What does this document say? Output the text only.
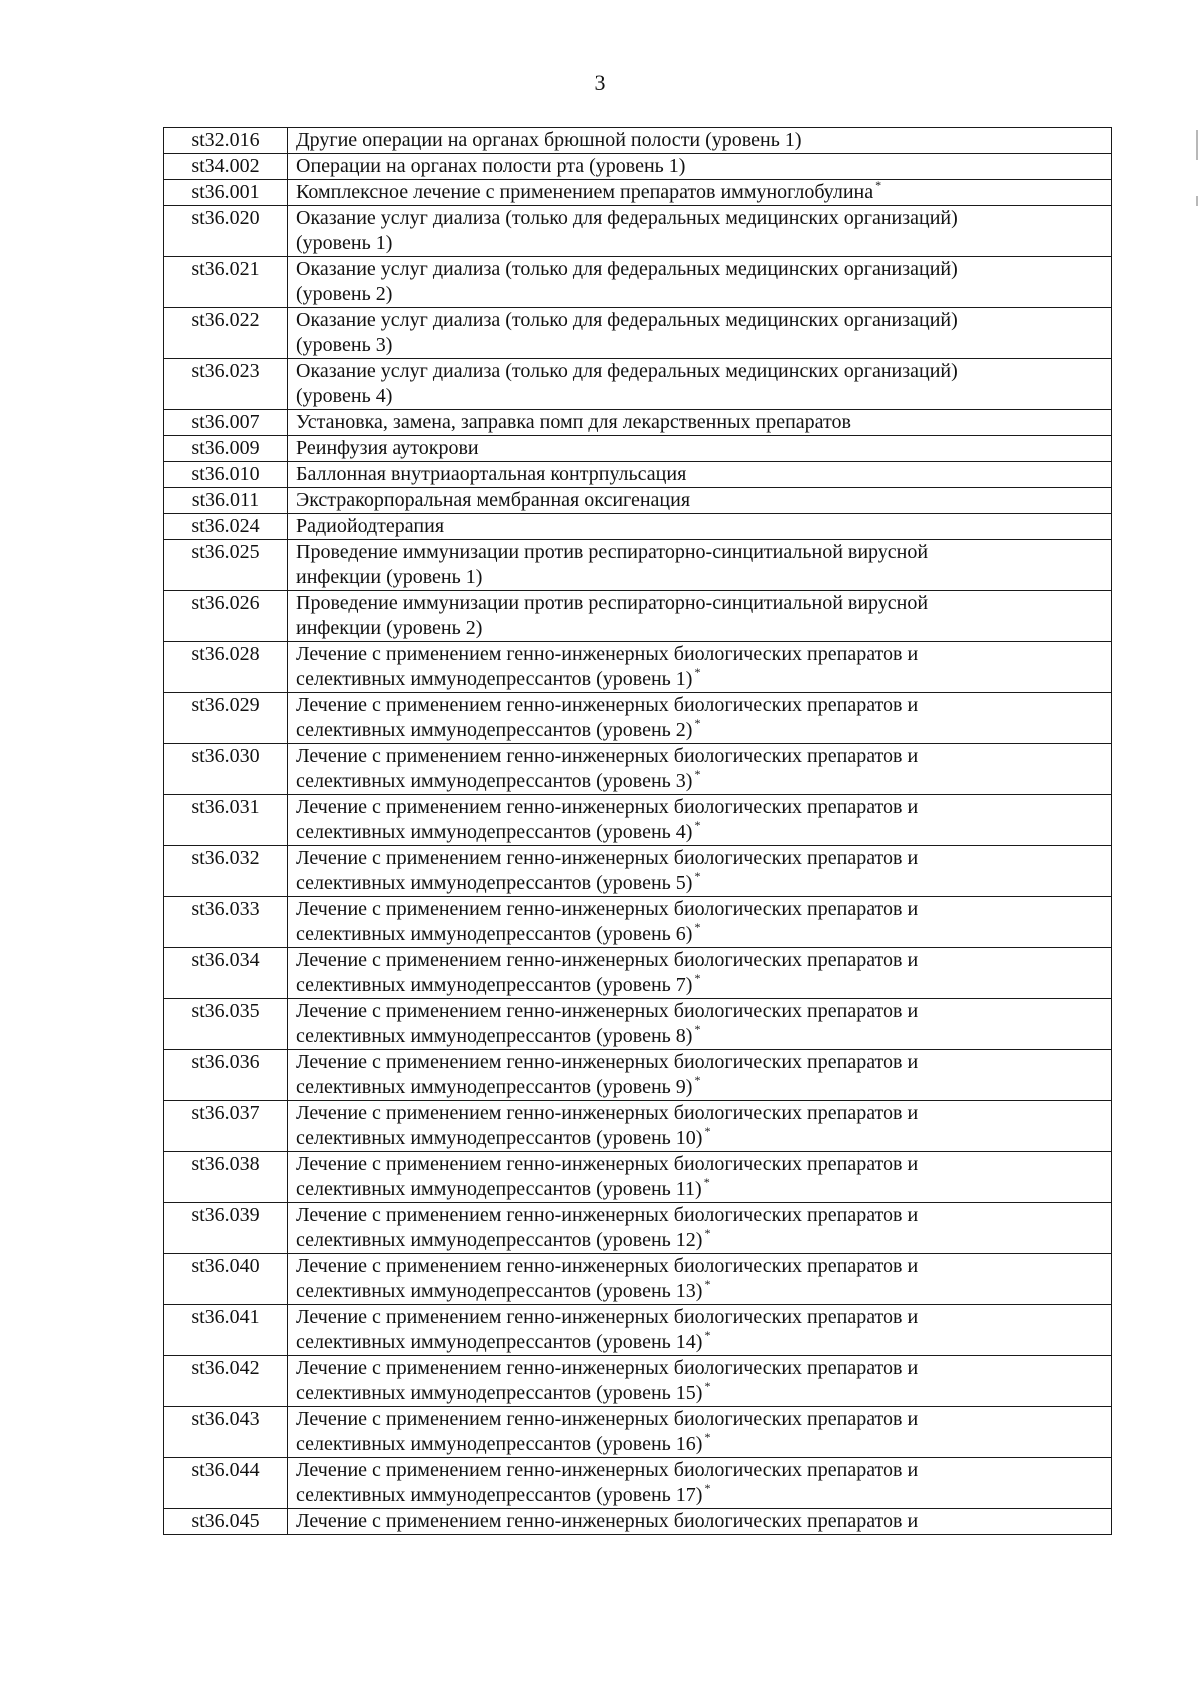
3
st32.016	Другие операции на органах брюшной полости (уровень 1)

st34.002	Операции на органах полости рта (уровень 1)

st36.001	Комплексное лечение с применением препаратов иммуноглобулина *

st36.020	Оказание услуг диализа (только для федеральных медицинских организаций)
(уровень 1)

st36.021	Оказание услуг диализа (только для федеральных медицинских организаций)
(уровень 2)

st36.022	Оказание услуг диализа (только для федеральных медицинских организаций)
(уровень 3)

st36.023	Оказание услуг диализа (только для федеральных медицинских организаций)
(уровень 4)

st36.007	Установка, замена, заправка помп для лекарственных препаратов

st36.009	Реинфузия аутокрови

st36.010	Баллонная внутриаортальная контрпульсация

st36.011	Экстракорпоральная мембранная оксигенация

st36.024	Радиойодтерапия

st36.025	Проведение иммунизации против респираторно-синцитиальной вирусной
инфекции (уровень 1)

st36.026	Проведение иммунизации против респираторно-синцитиальной вирусной
инфекции (уровень 2)

st36.028	Лечение с применением генно-инженерных биологических препаратов и
селективных иммунодепрессантов (уровень 1) *

st36.029	Лечение с применением генно-инженерных биологических препаратов и
селективных иммунодепрессантов (уровень 2) *

st36.030	Лечение с применением генно-инженерных биологических препаратов и
селективных иммунодепрессантов (уровень 3) *

st36.031	Лечение с применением генно-инженерных биологических препаратов и
селективных иммунодепрессантов (уровень 4) *

st36.032	Лечение с применением генно-инженерных биологических препаратов и
селективных иммунодепрессантов (уровень 5) *

st36.033	Лечение с применением генно-инженерных биологических препаратов и
селективных иммунодепрессантов (уровень 6) *

st36.034	Лечение с применением генно-инженерных биологических препаратов и
селективных иммунодепрессантов (уровень 7) *

st36.035	Лечение с применением генно-инженерных биологических препаратов и
селективных иммунодепрессантов (уровень 8) *

st36.036	Лечение с применением генно-инженерных биологических препаратов и
селективных иммунодепрессантов (уровень 9) *

st36.037	Лечение с применением генно-инженерных биологических препаратов и
селективных иммунодепрессантов (уровень 10) *

st36.038	Лечение с применением генно-инженерных биологических препаратов и
селективных иммунодепрессантов (уровень 11) *

st36.039	Лечение с применением генно-инженерных биологических препаратов и
селективных иммунодепрессантов (уровень 12) *

st36.040	Лечение с применением генно-инженерных биологических препаратов и
селективных иммунодепрессантов (уровень 13) *

st36.041	Лечение с применением генно-инженерных биологических препаратов и
селективных иммунодепрессантов (уровень 14) *

st36.042	Лечение с применением генно-инженерных биологических препаратов и
селективных иммунодепрессантов (уровень 15) *

st36.043	Лечение с применением генно-инженерных биологических препаратов и
селективных иммунодепрессантов (уровень 16) *

st36.044	Лечение с применением генно-инженерных биологических препаратов и
селективных иммунодепрессантов (уровень 17) *

st36.045	Лечение с применением генно-инженерных биологических препаратов и
